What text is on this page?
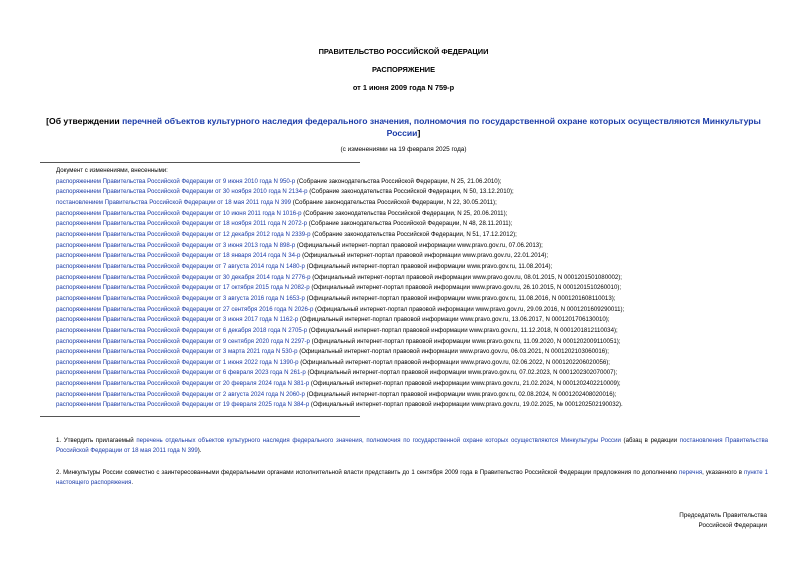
ПРАВИТЕЛЬСТВО РОССИЙСКОЙ ФЕДЕРАЦИИ
РАСПОРЯЖЕНИЕ
от 1 июня 2009 года N 759-р
[Об утверждении перечней объектов культурного наследия федерального значения, полномочия по государственной охране которых осуществляются Минкультуры России]
(с изменениями на 19 февраля 2025 года)
Документ с изменениями, внесенными:
распоряжением Правительства Российской Федерации от 9 июня 2010 года N 950-р (Собрание законодательства Российской Федерации, N 25, 21.06.2010);
распоряжением Правительства Российской Федерации от 30 ноября 2010 года N 2134-р (Собрание законодательства Российской Федерации, N 50, 13.12.2010);
постановлением Правительства Российской Федерации от 18 мая 2011 года N 399 (Собрание законодательства Российской Федерации, N 22, 30.05.2011);
распоряжением Правительства Российской Федерации от 10 июня 2011 года N 1016-р (Собрание законодательства Российской Федерации, N 25, 20.06.2011);
распоряжением Правительства Российской Федерации от 18 ноября 2011 года N 2072-р (Собрание законодательства Российской Федерации, N 48, 28.11.2011);
распоряжением Правительства Российской Федерации от 12 декабря 2012 года N 2339-р (Собрание законодательства Российской Федерации, N 51, 17.12.2012);
распоряжением Правительства Российской Федерации от 3 июня 2013 года N 898-р (Официальный интернет-портал правовой информации www.pravo.gov.ru, 07.06.2013);
распоряжением Правительства Российской Федерации от 18 января 2014 года N 34-р (Официальный интернет-портал правовой информации www.pravo.gov.ru, 22.01.2014);
распоряжением Правительства Российской Федерации от 7 августа 2014 года N 1480-р (Официальный интернет-портал правовой информации www.pravo.gov.ru, 11.08.2014);
распоряжением Правительства Российской Федерации от 30 декабря 2014 года N 2776-р (Официальный интернет-портал правовой информации www.pravo.gov.ru, 08.01.2015, N 0001201501080002);
распоряжением Правительства Российской Федерации от 17 октября 2015 года N 2082-р (Официальный интернет-портал правовой информации www.pravo.gov.ru, 26.10.2015, N 0001201510260010);
распоряжением Правительства Российской Федерации от 3 августа 2016 года N 1653-р (Официальный интернет-портал правовой информации www.pravo.gov.ru, 11.08.2016, N 0001201608110013);
распоряжением Правительства Российской Федерации от 27 сентября 2016 года N 2026-р (Официальный интернет-портал правовой информации www.pravo.gov.ru, 29.09.2016, N 0001201609290011);
распоряжением Правительства Российской Федерации от 3 июня 2017 года N 1162-р (Официальный интернет-портал правовой информации www.pravo.gov.ru, 13.06.2017, N 0001201706130010);
распоряжением Правительства Российской Федерации от 6 декабря 2018 года N 2705-р (Официальный интернет-портал правовой информации www.pravo.gov.ru, 11.12.2018, N 0001201812110034);
распоряжением Правительства Российской Федерации от 9 сентября 2020 года N 2297-р (Официальный интернет-портал правовой информации www.pravo.gov.ru, 11.09.2020, N 0001202009110051);
распоряжением Правительства Российской Федерации от 3 марта 2021 года N 530-р (Официальный интернет-портал правовой информации www.pravo.gov.ru, 06.03.2021, N 0001202103060016);
распоряжением Правительства Российской Федерации от 1 июня 2022 года N 1390-р (Официальный интернет-портал правовой информации www.pravo.gov.ru, 02.06.2022, N 0001202206020056);
распоряжением Правительства Российской Федерации от 6 февраля 2023 года N 261-р (Официальный интернет-портал правовой информации www.pravo.gov.ru, 07.02.2023, N 0001202302070007);
распоряжением Правительства Российской Федерации от 20 февраля 2024 года N 381-р (Официальный интернет-портал правовой информации www.pravo.gov.ru, 21.02.2024, N 0001202402210009);
распоряжением Правительства Российской Федерации от 2 августа 2024 года N 2060-р (Официальный интернет-портал правовой информации www.pravo.gov.ru, 02.08.2024, N 0001202408020016);
распоряжением Правительства Российской Федерации от 19 февраля 2025 года N 384-р (Официальный интернет-портал правовой информации www.pravo.gov.ru, 19.02.2025, № 0001202502190032).
1. Утвердить прилагаемый перечень отдельных объектов культурного наследия федерального значения, полномочия по государственной охране которых осуществляются Минкультуры России (абзац в редакции постановления Правительства Российской Федерации от 18 мая 2011 года N 399).
2. Минкультуры России совместно с заинтересованными федеральными органами исполнительной власти представить до 1 сентября 2009 года в Правительство Российской Федерации предложения по дополнению перечня, указанного в пункте 1 настоящего распоряжения.
Председатель Правительства
Российской Федерации
